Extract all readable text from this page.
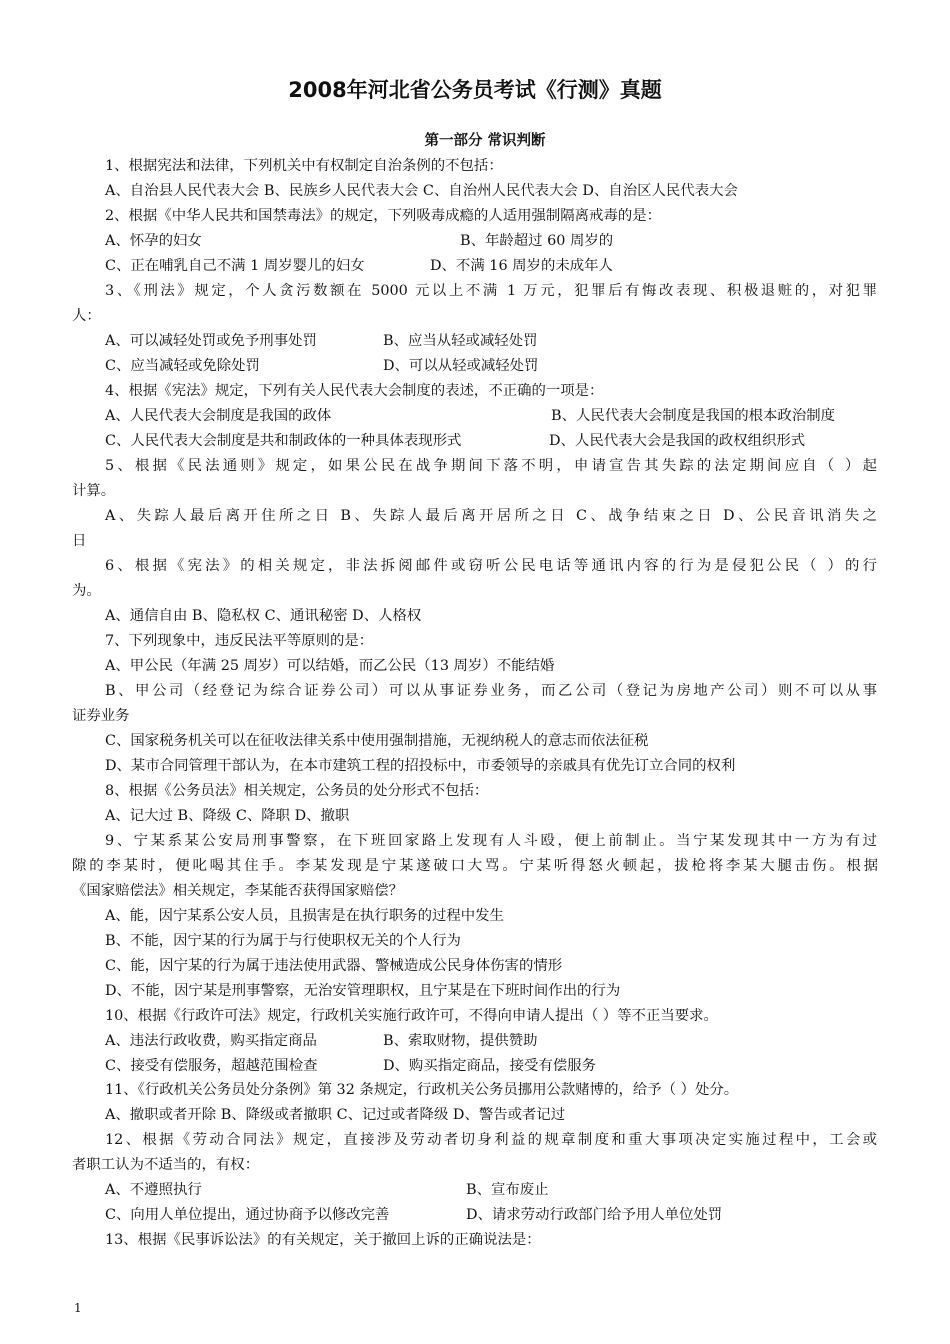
2008年河北省公务员考试《行测》真题
第一部分 常识判断
1、根据宪法和法律，下列机关中有权制定自治条例的不包括：
A、自治县人民代表大会 B、民族乡人民代表大会 C、自治州人民代表大会 D、自治区人民代表大会
2、根据《中华人民共和国禁毒法》的规定，下列吸毒成瘾的人适用强制隔离戒毒的是：
A、怀孕的妇女	B、年龄超过 60 周岁的
C、正在哺乳自己不满 1 周岁婴儿的妇女	D、不满 16 周岁的未成年人
3、《刑法》规定，个人贪污数额在 5000 元以上不满 1 万元，犯罪后有悔改表现、积极退赃的，对犯罪
人：
A、可以减轻处罚或免予刑事处罚	B、应当从轻或减轻处罚
C、应当减轻或免除处罚	D、可以从轻或减轻处罚
4、根据《宪法》规定，下列有关人民代表大会制度的表述，不正确的一项是：
A、人民代表大会制度是我国的政体	B、人民代表大会制度是我国的根本政治制度
C、人民代表大会制度是共和制政体的一种具体表现形式	D、人民代表大会是我国的政权组织形式
5、根据《民法通则》规定，如果公民在战争期间下落不明，申请宣告其失踪的法定期间应自（ ）起
计算。
A、失踪人最后离开住所之日 B、失踪人最后离开居所之日 C、战争结束之日 D、公民音讯消失之
日
6、根据《宪法》的相关规定，非法拆阅邮件或窃听公民电话等通讯内容的行为是侵犯公民（ ）的行
为。
A、通信自由 B、隐私权 C、通讯秘密 D、人格权
7、下列现象中，违反民法平等原则的是：
A、甲公民（年满 25 周岁）可以结婚，而乙公民（13 周岁）不能结婚
B、甲公司（经登记为综合证券公司）可以从事证券业务，而乙公司（登记为房地产公司）则不可以从事
证券业务
C、国家税务机关可以在征收法律关系中使用强制措施，无视纳税人的意志而依法征税
D、某市合同管理干部认为，在本市建筑工程的招投标中，市委领导的亲戚具有优先订立合同的权利
8、根据《公务员法》相关规定，公务员的处分形式不包括：
A、记大过 B、降级 C、降职 D、撤职
9、宁某系某公安局刑事警察，在下班回家路上发现有人斗殴，便上前制止。当宁某发现其中一方为有过
隙的李某时，便叱喝其住手。李某发现是宁某遂破口大骂。宁某听得怒火顿起，拔枪将李某大腿击伤。根据
《国家赔偿法》相关规定，李某能否获得国家赔偿？
A、能，因宁某系公安人员，且损害是在执行职务的过程中发生
B、不能，因宁某的行为属于与行使职权无关的个人行为
C、能，因宁某的行为属于违法使用武器、警械造成公民身体伤害的情形
D、不能，因宁某是刑事警察，无治安管理职权，且宁某是在下班时间作出的行为
10、根据《行政许可法》规定，行政机关实施行政许可，不得向申请人提出（ ）等不正当要求。
A、违法行政收费，购买指定商品	B、索取财物，提供赞助
C、接受有偿服务，超越范围检查	D、购买指定商品，接受有偿服务
11、《行政机关公务员处分条例》第 32 条规定，行政机关公务员挪用公款赌博的，给予（ ）处分。
A、撤职或者开除 B、降级或者撤职 C、记过或者降级 D、警告或者记过
12、根据《劳动合同法》规定，直接涉及劳动者切身利益的规章制度和重大事项决定实施过程中，工会或
者职工认为不适当的，有权：
A、不遵照执行	B、宣布废止
C、向用人单位提出，通过协商予以修改完善	D、请求劳动行政部门给予用人单位处罚
13、根据《民事诉讼法》的有关规定，关于撤回上诉的正确说法是：
1
